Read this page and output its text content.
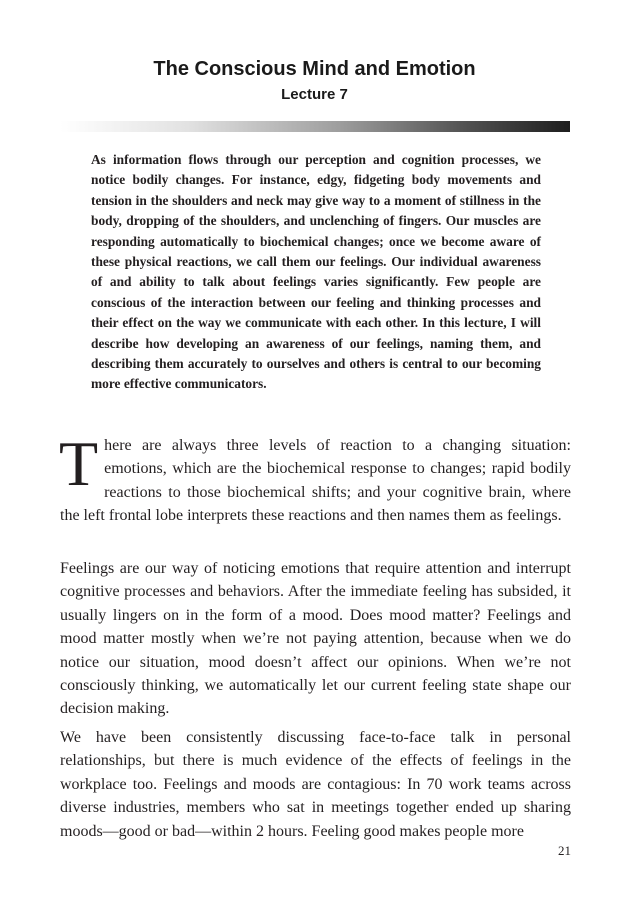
The Conscious Mind and Emotion
Lecture 7
As information flows through our perception and cognition processes, we notice bodily changes. For instance, edgy, fidgeting body movements and tension in the shoulders and neck may give way to a moment of stillness in the body, dropping of the shoulders, and unclenching of fingers. Our muscles are responding automatically to biochemical changes; once we become aware of these physical reactions, we call them our feelings. Our individual awareness of and ability to talk about feelings varies significantly. Few people are conscious of the interaction between our feeling and thinking processes and their effect on the way we communicate with each other. In this lecture, I will describe how developing an awareness of our feelings, naming them, and describing them accurately to ourselves and others is central to our becoming more effective communicators.

There are always three levels of reaction to a changing situation: emotions, which are the biochemical response to changes; rapid bodily reactions to those biochemical shifts; and your cognitive brain, where the left frontal lobe interprets these reactions and then names them as feelings.

Feelings are our way of noticing emotions that require attention and interrupt cognitive processes and behaviors. After the immediate feeling has subsided, it usually lingers on in the form of a mood. Does mood matter? Feelings and mood matter mostly when we’re not paying attention, because when we do notice our situation, mood doesn’t affect our opinions. When we’re not consciously thinking, we automatically let our current feeling state shape our decision making.

We have been consistently discussing face-to-face talk in personal relationships, but there is much evidence of the effects of feelings in the workplace too. Feelings and moods are contagious: In 70 work teams across diverse industries, members who sat in meetings together ended up sharing moods—good or bad—within 2 hours. Feeling good makes people more

21
